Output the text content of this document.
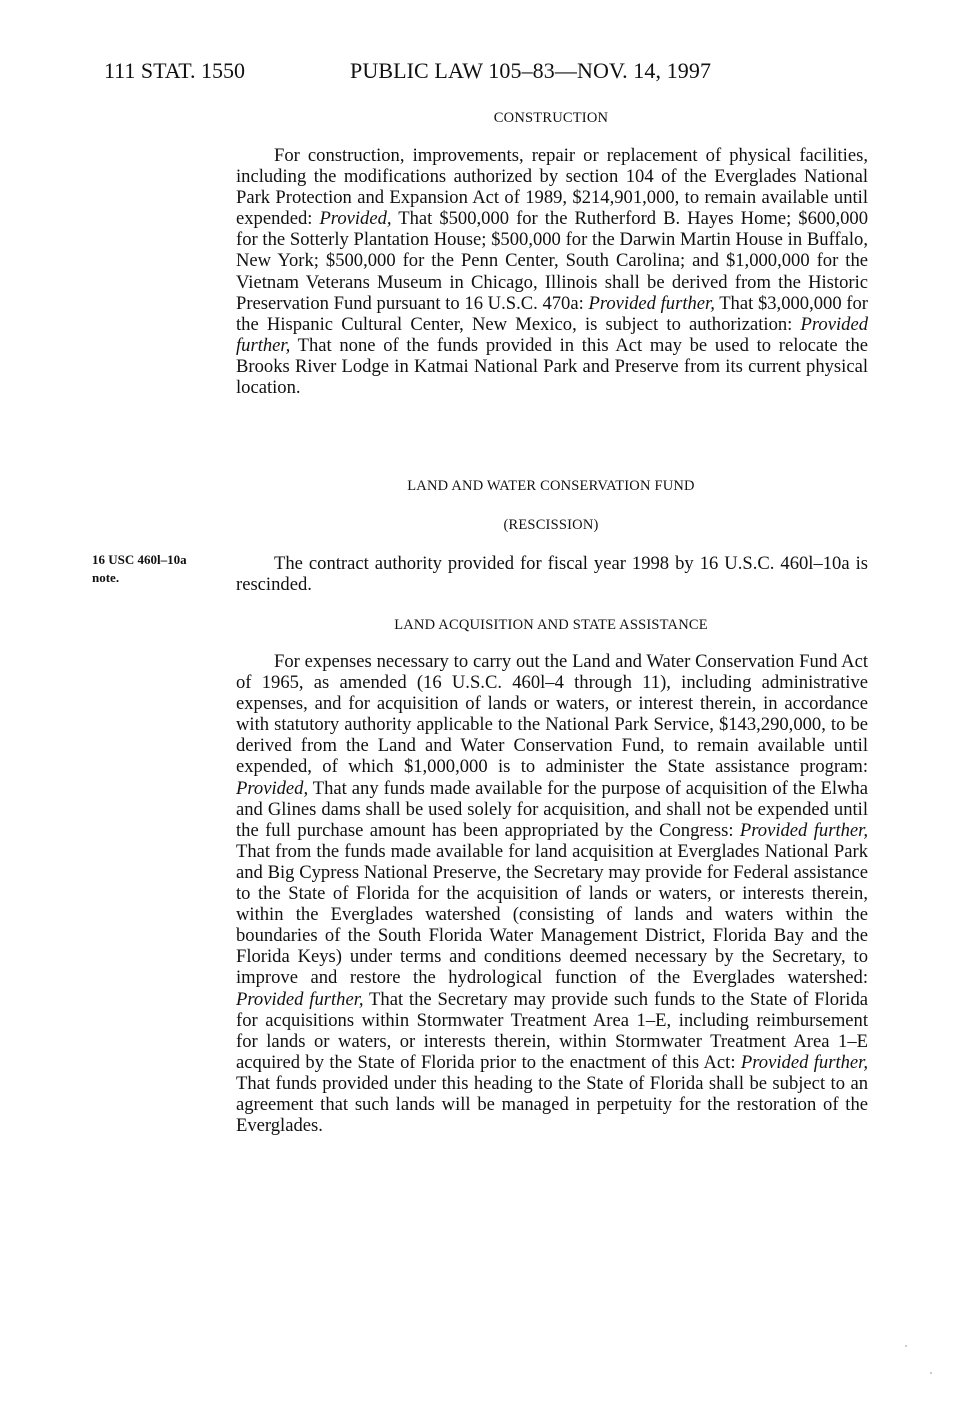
111 STAT. 1550	PUBLIC LAW 105–83—NOV. 14, 1997
CONSTRUCTION

For construction, improvements, repair or replacement of physical facilities, including the modifications authorized by section 104 of the Everglades National Park Protection and Expansion Act of 1989, $214,901,000, to remain available until expended: Provided, That $500,000 for the Rutherford B. Hayes Home; $600,000 for the Sotterly Plantation House; $500,000 for the Darwin Martin House in Buffalo, New York; $500,000 for the Penn Center, South Carolina; and $1,000,000 for the Vietnam Veterans Museum in Chicago, Illinois shall be derived from the Historic Preservation Fund pursuant to 16 U.S.C. 470a: Provided further, That $3,000,000 for the Hispanic Cultural Center, New Mexico, is subject to authorization: Provided further, That none of the funds provided in this Act may be used to relocate the Brooks River Lodge in Katmai National Park and Preserve from its current physical location.

LAND AND WATER CONSERVATION FUND
(RESCISSION)
16 USC 460l–10a
note.

The contract authority provided for fiscal year 1998 by 16 U.S.C. 460l–10a is rescinded.

LAND ACQUISITION AND STATE ASSISTANCE

For expenses necessary to carry out the Land and Water Conservation Fund Act of 1965, as amended (16 U.S.C. 460l–4 through 11), including administrative expenses, and for acquisition of lands or waters, or interest therein, in accordance with statutory authority applicable to the National Park Service, $143,290,000, to be derived from the Land and Water Conservation Fund, to remain available until expended, of which $1,000,000 is to administer the State assistance program: Provided, That any funds made available for the purpose of acquisition of the Elwha and Glines dams shall be used solely for acquisition, and shall not be expended until the full purchase amount has been appropriated by the Congress: Provided further, That from the funds made available for land acquisition at Everglades National Park and Big Cypress National Preserve, the Secretary may provide for Federal assistance to the State of Florida for the acquisition of lands or waters, or interests therein, within the Everglades watershed (consisting of lands and waters within the boundaries of the South Florida Water Management District, Florida Bay and the Florida Keys) under terms and conditions deemed necessary by the Secretary, to improve and restore the hydrological function of the Everglades watershed: Provided further, That the Secretary may provide such funds to the State of Florida for acquisitions within Stormwater Treatment Area 1–E, including reimbursement for lands or waters, or interests therein, within Stormwater Treatment Area 1–E acquired by the State of Florida prior to the enactment of this Act: Provided further, That funds provided under this heading to the State of Florida shall be subject to an agreement that such lands will be managed in perpetuity for the restoration of the Everglades.
